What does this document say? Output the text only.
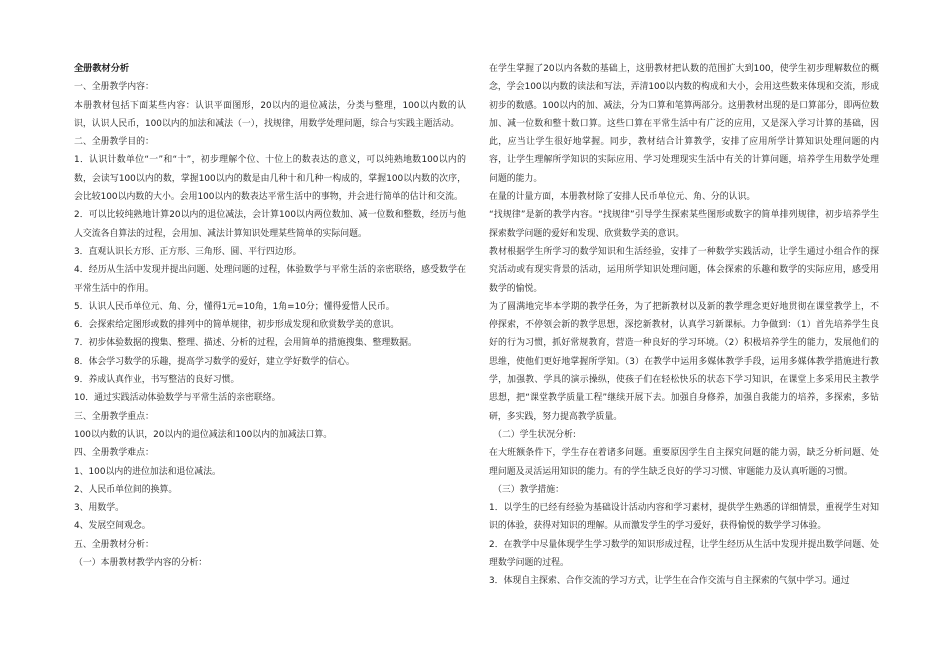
全册教材分析

一、全册教学内容：

本册教材包括下面某些内容：认识平面图形，20以内的退位减法，分类与整理，100以内数的认识，认识人民币，100以内的加法和减法（一），找规律，用数学处理问题，综合与实践主题活动。

二、全册教学目的：

1．认识计数单位“一”和“十”，初步理解个位、十位上的数表达的意义，可以纯熟地数100以内的数，会读写100以内的数，掌握100以内的数是由几种十和几种一构成的，掌握100以内数的次序，会比较100以内数的大小。会用100以内的数表达平常生活中的事物，并会进行简单的估计和交流。

2．可以比较纯熟地计算20以内的退位减法，会计算100以内两位数加、减一位数和整数，经历与他人交流各自算法的过程，会用加、减法计算知识处理某些简单的实际问题。

3．直观认识长方形、正方形、三角形、圆、平行四边形。

4．经历从生活中发现并提出问题、处理问题的过程，体验数学与平常生活的亲密联络，感受数学在平常生活中的作用。

5．认识人民币单位元、角、分，懂得1元=10角，1角=10分；懂得爱惜人民币。

6．会探索给定图形或数的排列中的简单规律，初步形成发现和欣赏数学美的意识。

7．初步体验数据的搜集、整理、描述、分析的过程，会用简单的措施搜集、整理数据。

8．体会学习数学的乐趣，提高学习数学的爱好，建立学好数学的信心。

9．养成认真作业，书写整洁的良好习惯。

10．通过实践活动体验数学与平常生活的亲密联络。

三、全册教学重点：

100以内数的认识，20以内的退位减法和100以内的加减法口算。

四、全册教学难点：

1、100以内的进位加法和退位减法。

2、人民币单位间的换算。

3、用数学。

4、发展空间观念。

五、全册教材分析：

（一）本册教材教学内容的分析：

在学生掌握了20以内各数的基础上，这册教材把认数的范围扩大到100，使学生初步理解数位的概念，学会100以内数的读法和写法，弄清100以内数的构成和大小，会用这些数来体现和交流，形成初步的数感。100以内的加、减法，分为口算和笔算两部分。这册教材出现的是口算部分，即两位数加、减一位数和整十数口算。这些口算在平常生活中有广泛的应用，又是深入学习计算的基础，因此，应当让学生很好地掌握。同步，教材结合计算教学，安排了应用所学计算知识处理问题的内容，让学生理解所学知识的实际应用、学习处理现实生活中有关的计算问题，培养学生用数学处理问题的能力。

在量的计量方面，本册教材除了安排人民币单位元、角、分的认识。

“找规律”是新的教学内容。“找规律”引导学生探索某些图形或数字的简单排列规律，初步培养学生探索数学问题的爱好和发现、欣赏数学美的意识。

教材根据学生所学习的数学知识和生活经验，安排了一种数学实践活动，让学生通过小组合作的探究活动或有现实背景的活动，运用所学知识处理问题，体会探索的乐趣和数学的实际应用，感受用数学的愉悦。

为了圆满地完毕本学期的教学任务，为了把新教材以及新的教学理念更好地贯彻在课堂教学上，不停探索，不停领会新的教学思想，深挖新教材，认真学习新课标。力争做到：（1）首先培养学生良好的行为习惯，抓好常规教育，营造一种良好的学习环境。（2）积极培养学生的能力，发展他们的思维，使他们更好地掌握所学知。（3）在教学中运用多媒体教学手段，运用多媒体教学措施进行教学，加强教、学具的演示操纵，使孩子们在轻松快乐的状态下学习知识，在课堂上多采用民主教学思想，把“课堂教学质量工程”继续开展下去。加强自身修养，加强自我能力的培养，多探索，多钻研，多实践，努力提高教学质量。

（二）学生状况分析:

在大班额条件下，学生存在着诸多问题。重要原因学生自主探究问题的能力弱，缺乏分析问题、处理问题及灵活运用知识的能力。有的学生缺乏良好的学习习惯、审题能力及认真听题的习惯。

（三）教学措施：

1．以学生的已经有经验为基础设计活动内容和学习素材，提供学生熟悉的详细情景，重视学生对知识的体验，获得对知识的理解。从而激发学生的学习爱好，获得愉悦的数学学习体验。

2．在教学中尽量体现学生学习数学的知识形成过程，让学生经历从生活中发现并提出数学问题、处理数学问题的过程。

3．体现自主探索、合作交流的学习方式，让学生在合作交流与自主探索的气氛中学习。通过
